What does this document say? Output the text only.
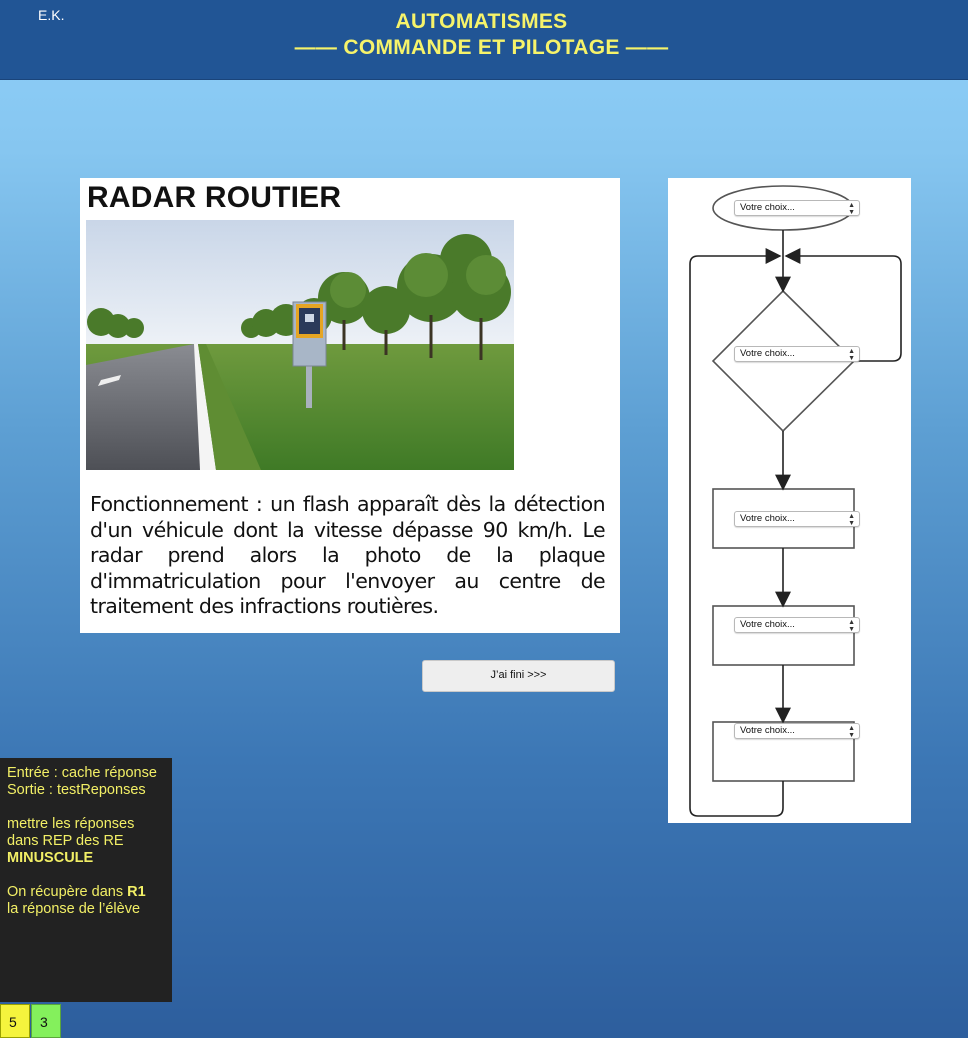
E.K.	AUTOMATISMES
—— COMMANDE ET PILOTAGE ——
RADAR ROUTIER
Fonctionnement : un flash apparaît dès la détection d'un véhicule dont la vitesse dépasse 90 km/h. Le radar prend alors la photo de la plaque d'immatriculation pour l'envoyer au centre de traitement des infractions routières.
J’ai fini >>>
Votre choix...	▲
▼
Votre choix...	▲
▼
Votre choix...	▲
▼
Votre choix...	▲
▼
Votre choix...	▲
▼
Entrée : cache réponse
Sortie : testReponses
mettre les réponses
dans REP des RE
MINUSCULE
On récupère dans R1
la réponse de l’élève
5	3
